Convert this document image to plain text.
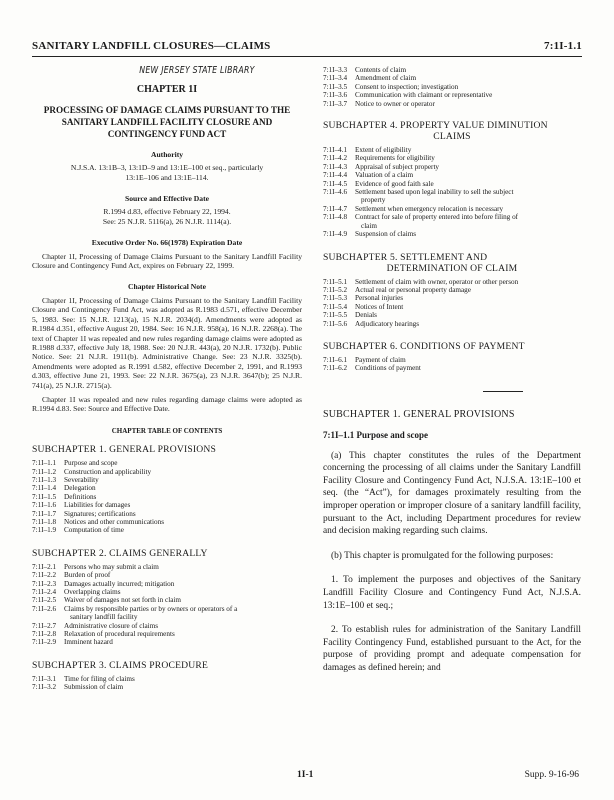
SANITARY LANDFILL CLOSURES—CLAIMS	7:1I-1.1
NEW JERSEY STATE LIBRARY
CHAPTER 1I
PROCESSING OF DAMAGE CLAIMS PURSUANT TO THE SANITARY LANDFILL FACILITY CLOSURE AND CONTINGENCY FUND ACT
Authority
N.J.S.A. 13:1B–3, 13:1D–9 and 13:1E–100 et seq., particularly 13:1E–106 and 13:1E–114.
Source and Effective Date
R.1994 d.83, effective February 22, 1994.
See: 25 N.J.R. 5116(a), 26 N.J.R. 1114(a).
Executive Order No. 66(1978) Expiration Date
Chapter 1I, Processing of Damage Claims Pursuant to the Sanitary Landfill Facility Closure and Contingency Fund Act, expires on February 22, 1999.
Chapter Historical Note
Chapter 1I, Processing of Damage Claims Pursuant to the Sanitary Landfill Facility Closure and Contingency Fund Act, was adopted as R.1983 d.571, effective December 5, 1983. See: 15 N.J.R. 1213(a), 15 N.J.R. 2034(d). Amendments were adopted as R.1984 d.351, effective August 20, 1984. See: 16 N.J.R. 958(a), 16 N.J.R. 2268(a). The text of Chapter 1I was repealed and new rules regarding damage claims were adopted as R.1988 d.337, effective July 18, 1988. See: 20 N.J.R. 443(a), 20 N.J.R. 1732(b). Public Notice. See: 21 N.J.R. 1911(b). Administrative Change. See: 23 N.J.R. 3325(b). Amendments were adopted as R.1991 d.582, effective December 2, 1991, and R.1993 d.303, effective June 21, 1993. See: 22 N.J.R. 3675(a), 23 N.J.R. 3647(b); 25 N.J.R. 741(a), 25 N.J.R. 2715(a).
Chapter 1I was repealed and new rules regarding damage claims were adopted as R.1994 d.83. See: Source and Effective Date.
CHAPTER TABLE OF CONTENTS
SUBCHAPTER 1. GENERAL PROVISIONS
7:1I–1.1	Purpose and scope
7:1I–1.2	Construction and applicability
7:1I–1.3	Severability
7:1I–1.4	Delegation
7:1I–1.5	Definitions
7:1I–1.6	Liabilities for damages
7:1I–1.7	Signatures; certifications
7:1I–1.8	Notices and other communications
7:1I–1.9	Computation of time
SUBCHAPTER 2. CLAIMS GENERALLY
7:1I–2.1	Persons who may submit a claim
7:1I–2.2	Burden of proof
7:1I–2.3	Damages actually incurred; mitigation
7:1I–2.4	Overlapping claims
7:1I–2.5	Waiver of damages not set forth in claim
7:1I–2.6	Claims by responsible parties or by owners or operators of a
sanitary landfill facility
7:1I–2.7	Administrative closure of claims
7:1I–2.8	Relaxation of procedural requirements
7:1I–2.9	Imminent hazard
SUBCHAPTER 3. CLAIMS PROCEDURE
7:1I–3.1	Time for filing of claims
7:1I–3.2	Submission of claim
7:1I–3.3	Contents of claim
7:1I–3.4	Amendment of claim
7:1I–3.5	Consent to inspection; investigation
7:1I–3.6	Communication with claimant or representative
7:1I–3.7	Notice to owner or operator
SUBCHAPTER 4. PROPERTY VALUE DIMINUTION
CLAIMS
7:1I–4.1	Extent of eligibility
7:1I–4.2	Requirements for eligibility
7:1I–4.3	Appraisal of subject property
7:1I–4.4	Valuation of a claim
7:1I–4.5	Evidence of good faith sale
7:1I–4.6	Settlement based upon legal inability to sell the subject
property
7:1I–4.7	Settlement when emergency relocation is necessary
7:1I–4.8	Contract for sale of property entered into before filing of
claim
7:1I–4.9	Suspension of claims
SUBCHAPTER 5. SETTLEMENT AND
DETERMINATION OF CLAIM
7:1I–5.1	Settlement of claim with owner, operator or other person
7:1I–5.2	Actual real or personal property damage
7:1I–5.3	Personal injuries
7:1I–5.4	Notices of Intent
7:1I–5.5	Denials
7:1I–5.6	Adjudicatory hearings
SUBCHAPTER 6. CONDITIONS OF PAYMENT
7:1I–6.1	Payment of claim
7:1I–6.2	Conditions of payment
SUBCHAPTER 1. GENERAL PROVISIONS
7:1I–1.1 Purpose and scope

(a) This chapter constitutes the rules of the Department concerning the processing of all claims under the Sanitary Landfill Facility Closure and Contingency Fund Act, N.J.S.A. 13:1E–100 et seq. (the “Act”), for damages proximately resulting from the improper operation or improper closure of a sanitary landfill facility, pursuant to the Act, including Department procedures for review and decision making regarding such claims.

(b) This chapter is promulgated for the following purposes:

1. To implement the purposes and objectives of the Sanitary Landfill Facility Closure and Contingency Fund Act, N.J.S.A. 13:1E–100 et seq.;

2. To establish rules for administration of the Sanitary Landfill Facility Contingency Fund, established pursuant to the Act, for the purpose of providing prompt and adequate compensation for damages as defined herein; and

1I-1	Supp. 9-16-96
